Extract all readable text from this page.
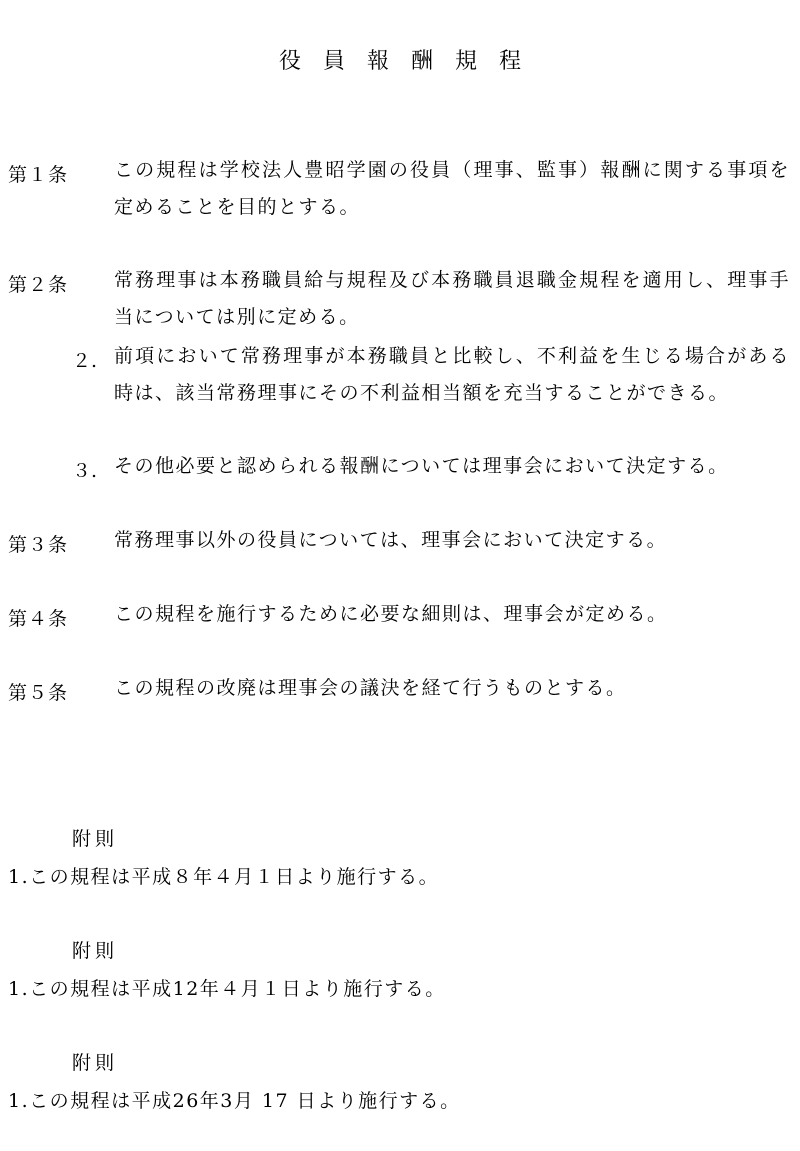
役員報酬規程
第１条	この規程は学校法人豊昭学園の役員（理事、監事）報酬に関する事項を定めることを目的とする。
第２条	常務理事は本務職員給与規程及び本務職員退職金規程を適用し、理事手当については別に定める。
２. 前項において常務理事が本務職員と比較し、不利益を生じる場合がある時は、該当常務理事にその不利益相当額を充当することができる。
３. その他必要と認められる報酬については理事会において決定する。
第３条	常務理事以外の役員については、理事会において決定する。
第４条	この規程を施行するために必要な細則は、理事会が定める。
第５条	この規程の改廃は理事会の議決を経て行うものとする。
附則
1.この規程は平成８年４月１日より施行する。
附則
1.この規程は平成12年４月１日より施行する。
附則
1.この規程は平成26年3月 17 日より施行する。
